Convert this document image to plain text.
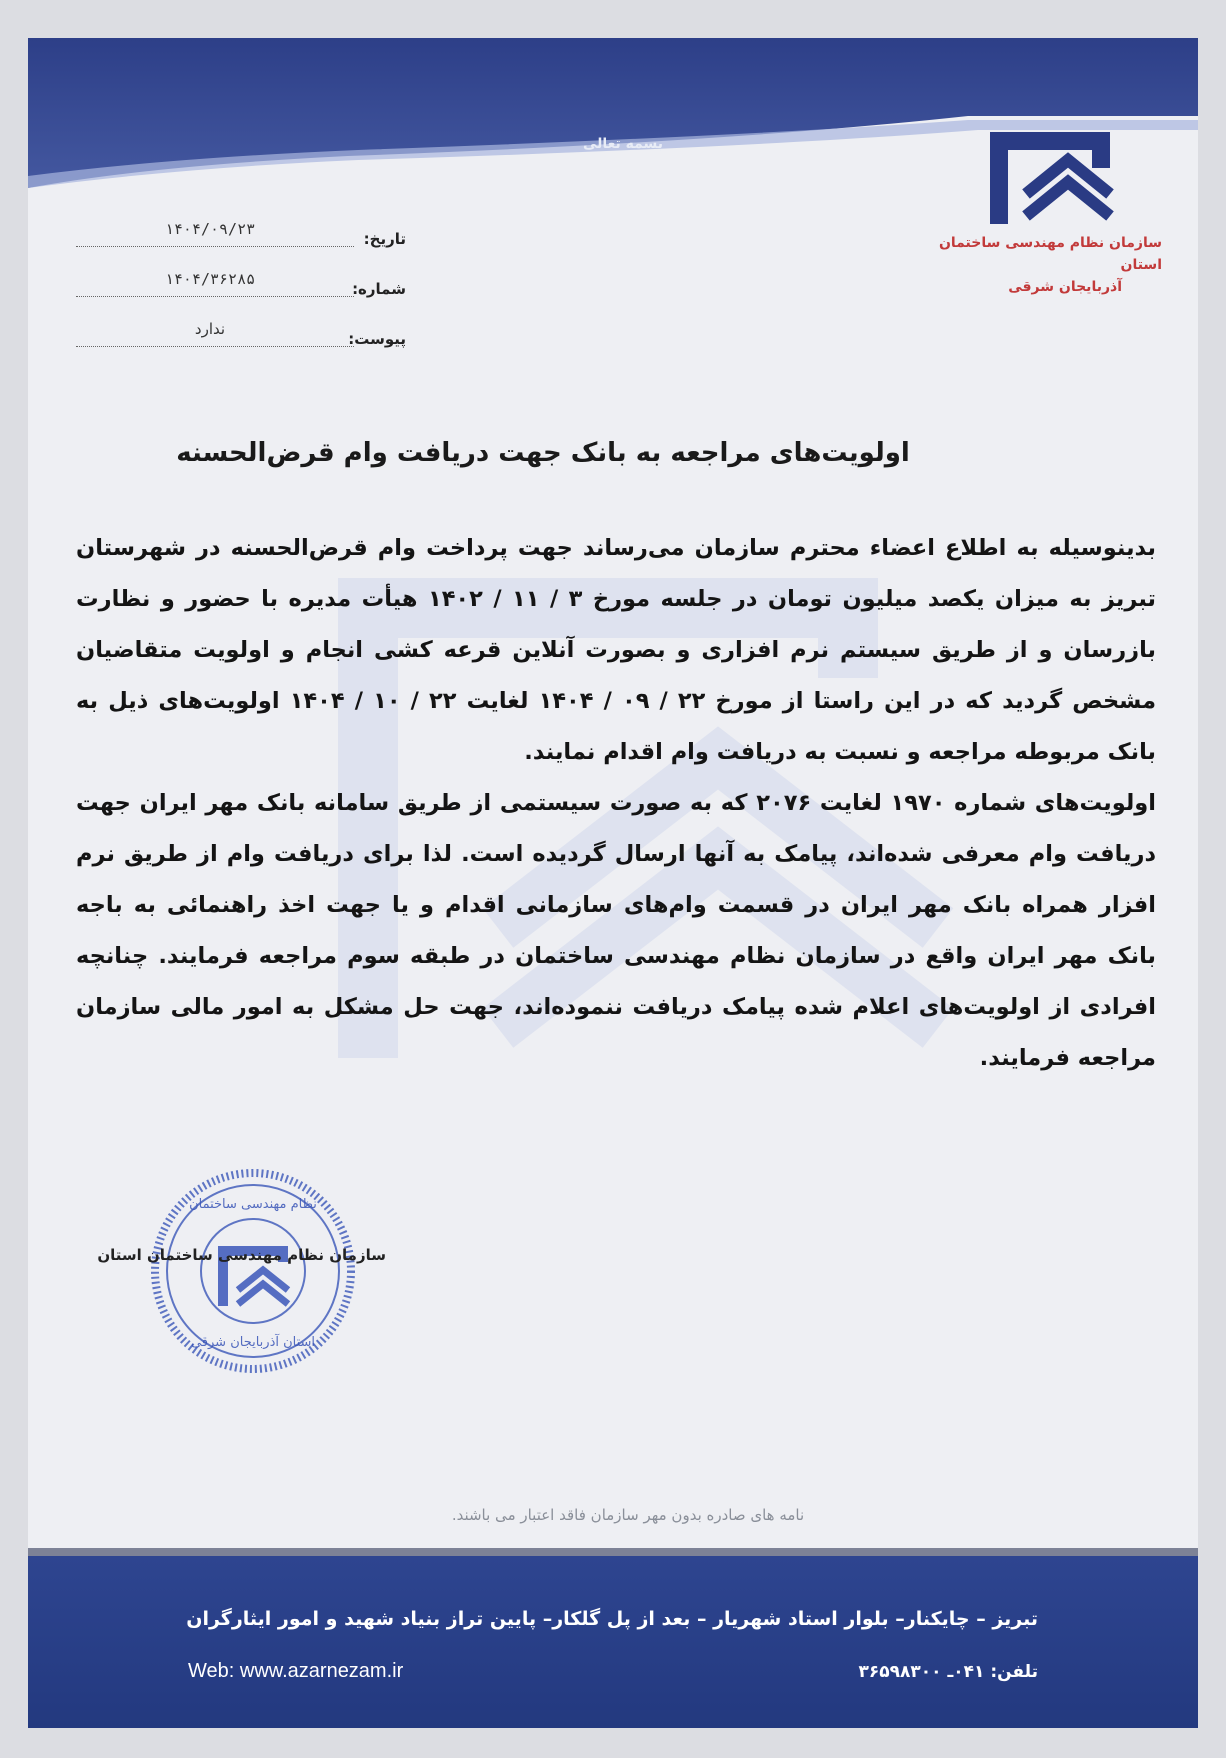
بسمه تعالی
سازمان نظام مهندسی ساختمان استان
آذربایجان شرقی
تاریخ:
۱۴۰۴/۰۹/۲۳
شماره:
۱۴۰۴/۳۶۲۸۵
پیوست:
ندارد
اولویت‌های مراجعه به بانک جهت دریافت وام قرض‌الحسنه

بدینوسیله به اطلاع اعضاء محترم سازمان می‌رساند جهت پرداخت وام قرض‌الحسنه در شهرستان تبریز به میزان یکصد میلیون تومان در جلسه مورخ ۳ / ۱۱ / ۱۴۰۲ هیأت مدیره با حضور و نظارت بازرسان و از طریق سیستم نرم افزاری و بصورت آنلاین قرعه کشی انجام و اولویت متقاضیان مشخص گردید که در این راستا از مورخ ۲۲ / ۰۹ / ۱۴۰۴ لغایت ۲۲ / ۱۰ / ۱۴۰۴ اولویت‌های ذیل به بانک مربوطه مراجعه و نسبت به دریافت وام اقدام نمایند.

اولویت‌های شماره ۱۹۷۰ لغایت ۲۰۷۶ که به صورت سیستمی از طریق سامانه بانک مهر ایران جهت دریافت وام معرفی شده‌اند، پیامک به آنها ارسال گردیده است. لذا برای دریافت وام از طریق نرم افزار همراه بانک مهر ایران در قسمت وام‌های سازمانی اقدام و یا جهت اخذ راهنمائی به باجه بانک مهر ایران واقع در سازمان نظام مهندسی ساختمان در طبقه سوم مراجعه فرمایند. چنانچه افرادی از اولویت‌های اعلام شده پیامک دریافت ننموده‌اند، جهت حل مشکل به امور مالی سازمان مراجعه فرمایند.

نظام مهندسی ساختمان
استان آذربایجان شرقی
سازمان نظام مهندسی ساختمان استان
نامه های صادره بدون مهر سازمان فاقد اعتبار می باشند.
تبریز – چایکنار– بلوار استاد شهریار – بعد از پل گلکار– پایین تراز بنیاد شهید و امور ایثارگران
Web: www.azarnezam.ir	تلفن: ۰۴۱ـ ۳۶۵۹۸۳۰۰
